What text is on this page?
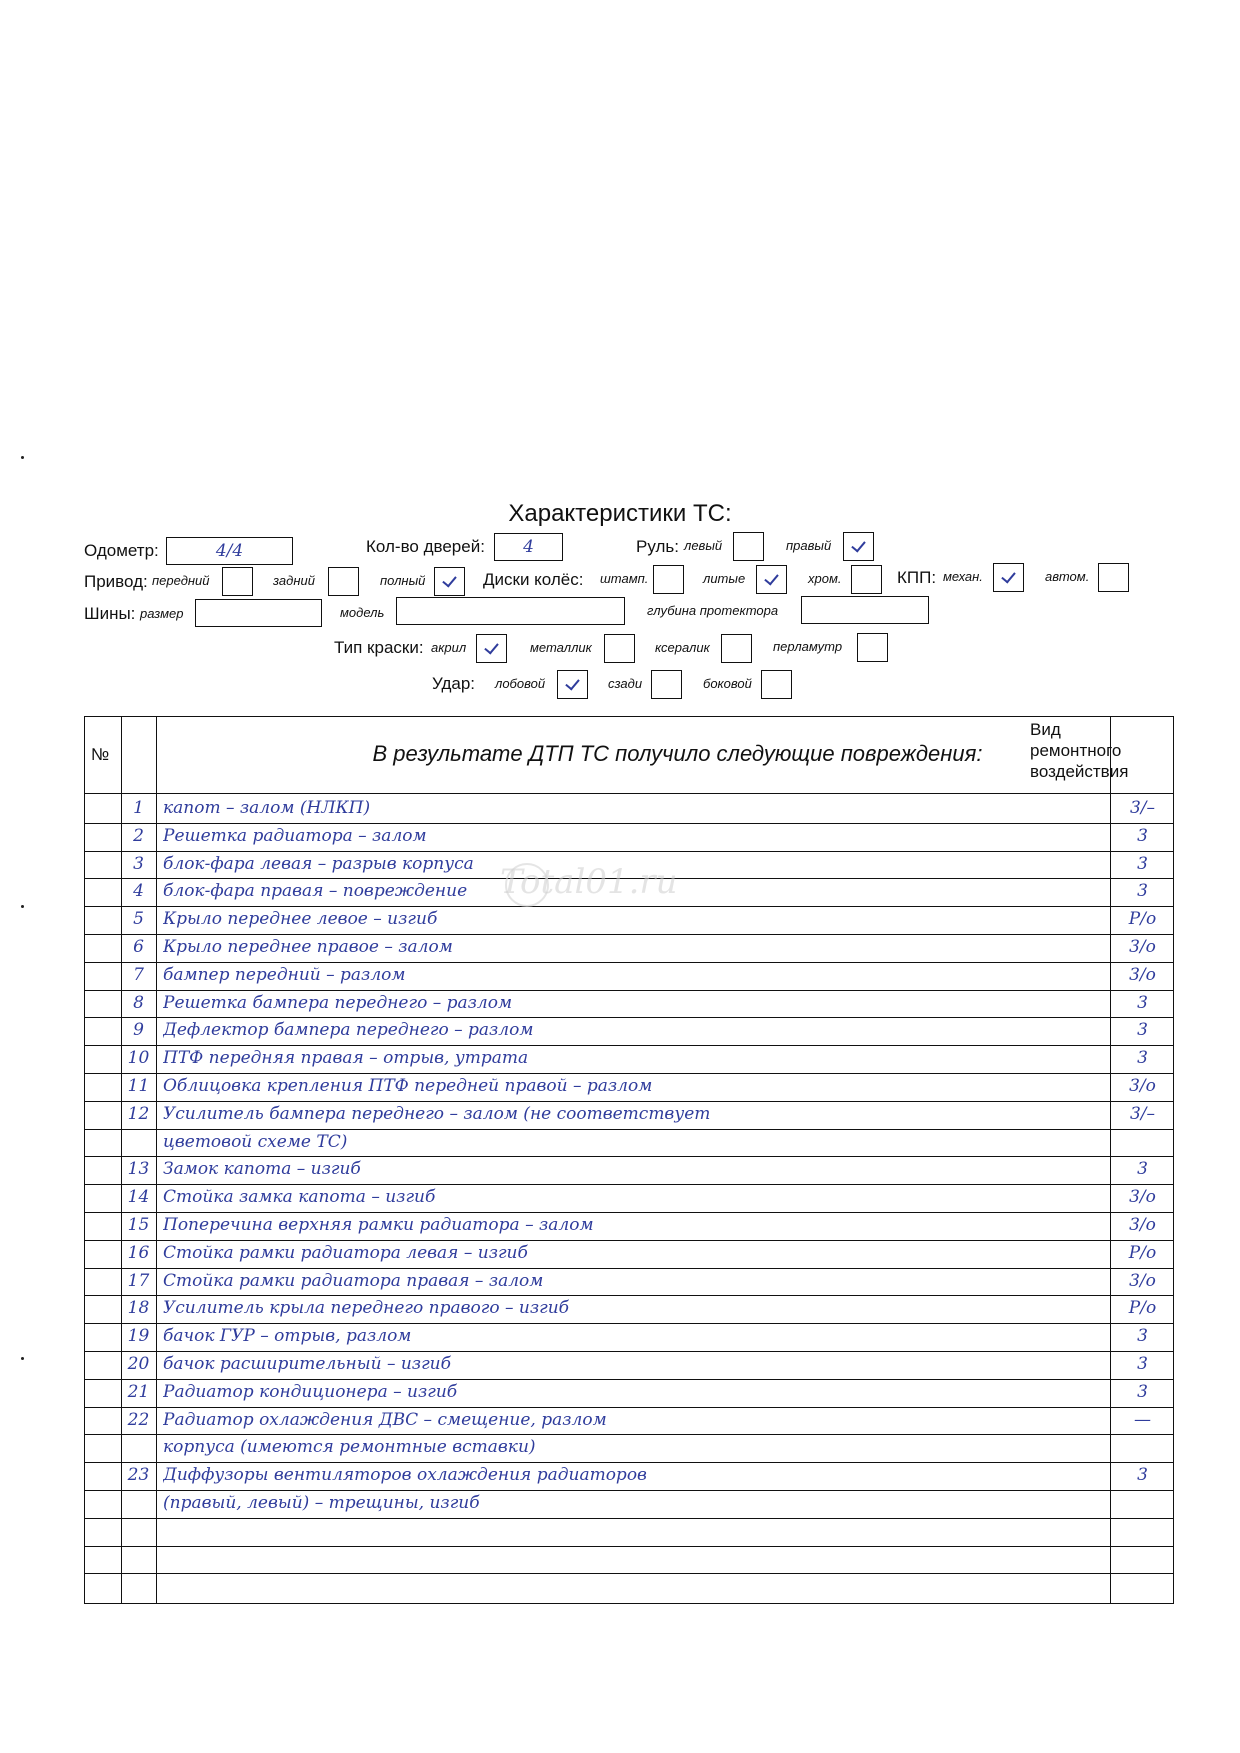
Характеристики ТС:
Одометр:	4/4	Кол-во дверей: 4	Руль: левый	правый
Привод: передний	задний	полный	Диски колёс: штамп.	литые	хром.	КПП: механ.	автом.
Шины: размер	модель	глубина протектора
Тип краски: акрил	металлик	ксералик	перламутр
Удар: лобовой	сзади	боковой
№	В результате ДТП ТС получило следующие повреждения:
Вид
ремонтного
воздействия
1	капот – залом (НЛКП)	3/–
2	Решетка радиатора – залом	3
3	блок-фара левая – разрыв корпуса	3
4	блок-фара правая – повреждение	3
5	Крыло переднее левое – изгиб	Р/о
6	Крыло переднее правое – залом	3/о
7	бампер передний – разлом	3/о
8	Решетка бампера переднего – разлом	3
9	Дефлектор бампера переднего – разлом	3
10 ПТФ передняя правая – отрыв, утрата	3
11 Облицовка крепления ПТФ передней правой – разлом	3/о
12 Усилитель бампера переднего – залом (не соответствует	3/–
цветовой схеме ТС)
13 Замок капота – изгиб	3
14 Стойка замка капота – изгиб	3/о
15 Поперечина верхняя рамки радиатора – залом	3/о
16 Стойка рамки радиатора левая – изгиб	Р/о
17 Стойка рамки радиатора правая – залом	3/о
18 Усилитель крыла переднего правого – изгиб	Р/о
19 бачок ГУР – отрыв, разлом	3
20 бачок расширительный – изгиб	3
21 Радиатор кондиционера – изгиб	3
22 Радиатор охлаждения ДВС – смещение, разлом	—
корпуса (имеются ремонтные вставки)
23 Диффузоры вентиляторов охлаждения радиаторов	3
(правый, левый) – трещины, изгиб
Total01.ru
